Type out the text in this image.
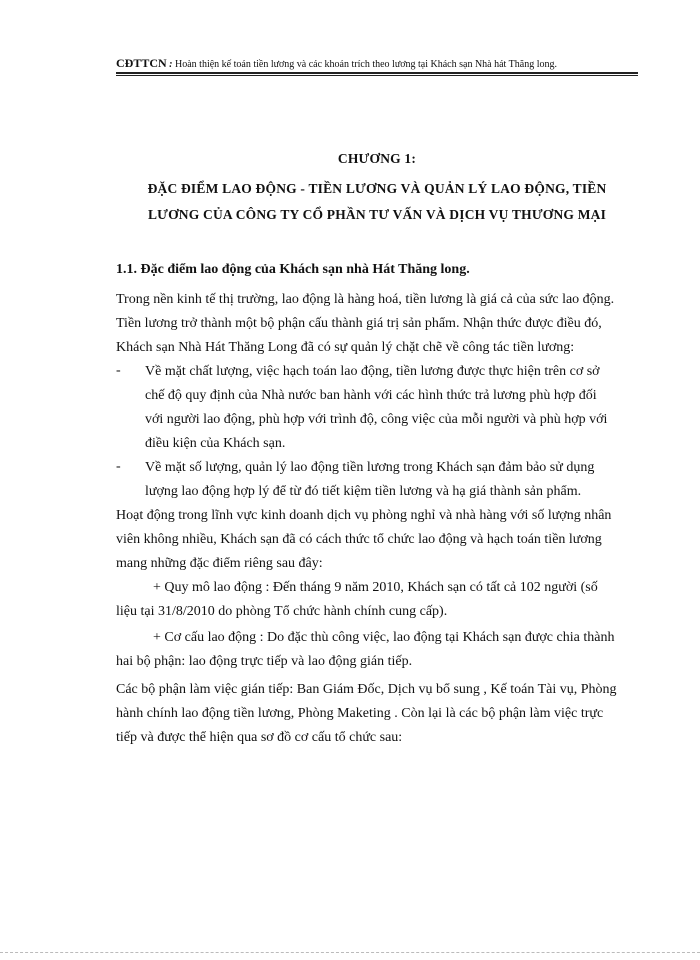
CĐTTCN : Hoàn thiện kế toán tiền lương và các khoản trích theo lương tại Khách sạn Nhà hát Thăng long.
CHƯƠNG 1:
ĐẶC ĐIỂM LAO ĐỘNG - TIỀN LƯƠNG VÀ QUẢN LÝ LAO ĐỘNG, TIỀN
LƯƠNG CỦA CÔNG TY CỔ PHẦN TƯ VẤN VÀ DỊCH VỤ THƯƠNG MẠI
1.1. Đặc điểm lao động của Khách sạn nhà Hát Thăng long.
Trong nền kinh tế thị trường, lao động là hàng hoá, tiền lương là giá cả của sức lao động.
Tiền lương trở thành một bộ phận cấu thành giá trị sản phẩm. Nhận thức được điều đó,
Khách sạn Nhà Hát Thăng Long đã có sự quản lý chặt chẽ về công tác tiền lương:
- Về mặt chất lượng, việc hạch toán lao động, tiền lương được thực hiện trên cơ sở
chế độ quy định của Nhà nước ban hành với các hình thức trả lương phù hợp đối
với người lao động, phù hợp với trình độ, công việc của mỗi người và phù hợp với
điều kiện của Khách sạn.
- Về mặt số lượng, quản lý lao động tiền lương trong Khách sạn đảm bảo sử dụng
lượng lao động hợp lý để từ đó tiết kiệm tiền lương và hạ giá thành sản phẩm.
Hoạt động trong lĩnh vực kinh doanh dịch vụ phòng nghỉ và nhà hàng với số lượng nhân
viên không nhiều, Khách sạn đã có cách thức tổ chức lao động và hạch toán tiền lương
mang những đặc điểm riêng sau đây:
+ Quy mô lao động : Đến tháng 9 năm 2010, Khách sạn có tất cả 102 người (số
liệu tại 31/8/2010 do phòng Tổ chức hành chính cung cấp).
+ Cơ cấu lao động : Do đặc thù công việc, lao động tại Khách sạn được chia thành
hai bộ phận: lao động trực tiếp và lao động gián tiếp.
Các bộ phận làm việc gián tiếp: Ban Giám Đốc, Dịch vụ bổ sung , Kế toán Tài vụ, Phòng
hành chính lao động tiền lương, Phòng Maketing . Còn lại là các bộ phận làm việc trực
tiếp và được thể hiện qua sơ đồ cơ cấu tổ chức sau:
